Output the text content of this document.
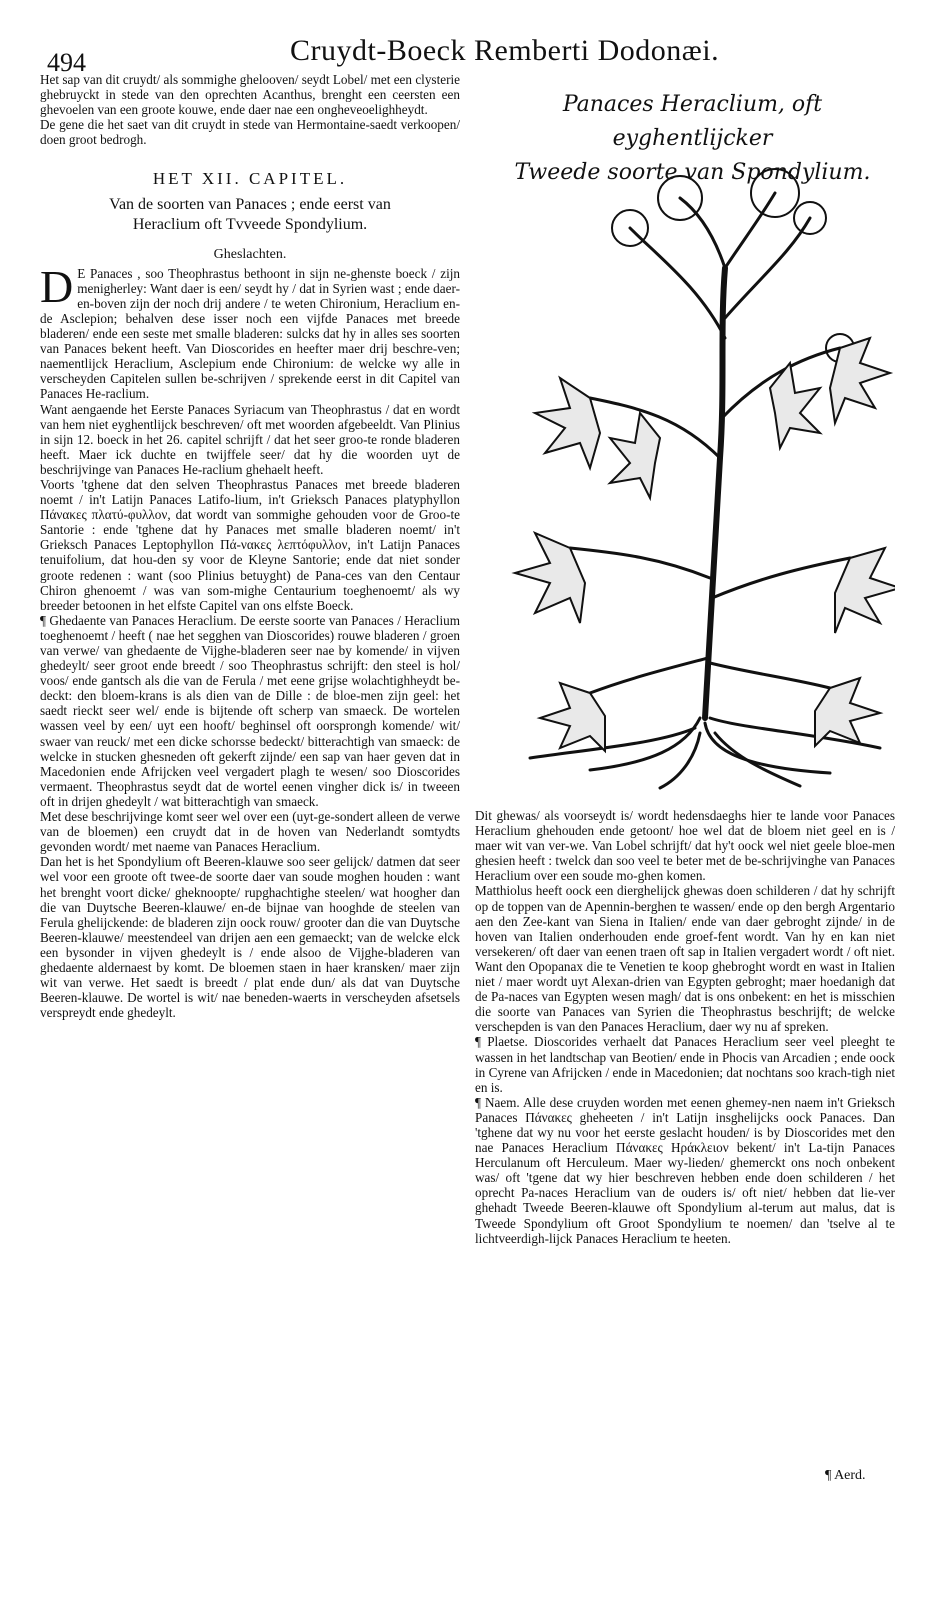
494	Cruydt-Boeck Remberti Dodonæi.

Het sap van dit cruydt/ als sommighe ghelooven/ seydt Lobel/ met een clysterie ghebruyckt in stede van den oprechten Acanthus, brenght een ceersten een ghevoelen van een groote kouwe, ende daer nae een ongheveoelighheydt.

De gene die het saet van dit cruydt in stede van Hermontaine-saedt verkoopen/ doen groot bedrogh.

HET XII. CAPITEL.
Van de soorten van Panaces ; ende eerst van
Heraclium oft Tvveede Spondylium.
Gheslachten.

D E Panaces , soo Theophrastus bethoont in sijn ne-ghenste boeck / zijn menigherley: Want daer is een/ seydt hy / dat in Syrien wast ; ende daer-en-boven zijn der noch drij andere / te weten Chironium, Heraclium en-de Asclepion; behalven dese isser noch een vijfde Panaces met breede bladeren/ ende een seste met smalle bladeren: sulcks dat hy in alles ses soorten van Panaces bekent heeft. Van Dioscorides en heefter maer drij beschre-ven; naementlijck Heraclium, Asclepium ende Chironium: de welcke wy alle in verscheyden Capitelen sullen be-schrijven / sprekende eerst in dit Capitel van Panaces He-raclium.

Want aengaende het Eerste Panaces Syriacum van Theophrastus / dat en wordt van hem niet eyghentlijck beschreven/ oft met woorden afgebeeldt. Van Plinius in sijn 12. boeck in het 26. capitel schrijft / dat het seer groo-te ronde bladeren heeft. Maer ick duchte en twijffele seer/ dat hy die woorden uyt de beschrijvinge van Panaces He-raclium ghehaelt heeft.

Voorts 'tghene dat den selven Theophrastus Panaces met breede bladeren noemt / in't Latijn Panaces Latifo-lium, in't Grieksch Panaces platyphyllon Πάνακες πλατύ-φυλλον, dat wordt van sommighe gehouden voor de Groo-te Santorie : ende 'tghene dat hy Panaces met smalle bladeren noemt/ in't Grieksch Panaces Leptophyllon Πά-νακες λεπτόφυλλον, in't Latijn Panaces tenuifolium, dat hou-den sy voor de Kleyne Santorie; ende dat niet sonder groote redenen : want (soo Plinius betuyght) de Pana-ces van den Centaur Chiron ghenoemt / was van som-mighe Centaurium toeghenoemt/ als wy breeder betoonen in het elfste Capitel van ons elfste Boeck.

¶ Ghedaente van Panaces Heraclium. De eerste soorte van Panaces / Heraclium toeghenoemt / heeft ( nae het segghen van Dioscorides) rouwe bladeren / groen van verwe/ van ghedaente de Vijghe-bladeren seer nae by komende/ in vijven ghedeylt/ seer groot ende breedt / soo Theophrastus schrijft: den steel is hol/ voos/ ende gantsch als die van de Ferula / met eene grijse wolachtighheydt be-deckt: den bloem-krans is als dien van de Dille : de bloe-men zijn geel: het saedt rieckt seer wel/ ende is bijtende oft scherp van smaeck. De wortelen wassen veel by een/ uyt een hooft/ beghinsel oft oorsprongh komende/ wit/ swaer van reuck/ met een dicke schorsse bedeckt/ bitterachtigh van smaeck: de welcke in stucken ghesneden oft gekerft zijnde/ een sap van haer geven dat in Macedonien ende Afrijcken veel vergadert plagh te wesen/ soo Dioscorides vermaent. Theophrastus seydt dat de wortel eenen vingher dick is/ in tweeen oft in drijen ghedeylt / wat bitterachtigh van smaeck.

Met dese beschrijvinge komt seer wel over een (uyt-ge-sondert alleen de verwe van de bloemen) een cruydt dat in de hoven van Nederlandt somtydts gevonden wordt/ met naeme van Panaces Heraclium.

Dan het is het Spondylium oft Beeren-klauwe soo seer gelijck/ datmen dat seer wel voor een groote oft twee-de soorte daer van soude moghen houden : want het brenght voort dicke/ gheknoopte/ rupghachtighe steelen/ wat hoogher dan die van Duytsche Beeren-klauwe/ en-de bijnae van hooghde de steelen van Ferula ghelijckende: de bladeren zijn oock rouw/ grooter dan die van Duytsche Beeren-klauwe/ meestendeel van drijen aen een gemaeckt; van de welcke elck een bysonder in vijven ghedeylt is / ende alsoo de Vijghe-bladeren van ghedaente aldernaest by komt. De bloemen staen in haer kransken/ maer zijn wit van verwe. Het saedt is breedt / plat ende dun/ als dat van Duytsche Beeren-klauwe. De wortel is wit/ nae beneden-waerts in verscheyden afsetsels verspreydt ende ghedeylt.

Panaces Heraclium, oft eyghentlijcker
Tweede soorte van Spondylium.

Dit ghewas/ als voorseydt is/ wordt hedensdaeghs hier te lande voor Panaces Heraclium ghehouden ende getoont/ hoe wel dat de bloem niet geel en is / maer wit van ver-we. Van Lobel schrijft/ dat hy't oock wel niet geele bloe-men ghesien heeft : twelck dan soo veel te beter met de be-schrijvinghe van Panaces Heraclium over een soude mo-ghen komen.

Matthiolus heeft oock een dierghelijck ghewas doen schilderen / dat hy schrijft op de toppen van de Apennin-berghen te wassen/ ende op den bergh Argentario aen den Zee-kant van Siena in Italien/ ende van daer gebroght zijnde/ in de hoven van Italien onderhouden ende groef-fent wordt. Van hy en kan niet versekeren/ oft daer van eenen traen oft sap in Italien vergadert wordt / oft niet. Want den Opopanax die te Venetien te koop ghebroght wordt en wast in Italien niet / maer wordt uyt Alexan-drien van Egypten gebroght; maer hoedanigh dat de Pa-naces van Egypten wesen magh/ dat is ons onbekent: en het is misschien die soorte van Panaces van Syrien die Theophrastus beschrijft; de welcke verschepden is van den Panaces Heraclium, daer wy nu af spreken.

¶ Plaetse. Dioscorides verhaelt dat Panaces Heraclium seer veel pleeght te wassen in het landtschap van Beotien/ ende in Phocis van Arcadien ; ende oock in Cyrene van Afrijcken / ende in Macedonien; dat nochtans soo krach-tigh niet en is.

¶ Naem. Alle dese cruyden worden met eenen ghemey-nen naem in't Grieksch Panaces Πάνακες gheheeten / in't Latijn insghelijcks oock Panaces. Dan 'tghene dat wy nu voor het eerste geslacht houden/ is by Dioscorides met den nae Panaces Heraclium Πάνακες Ηράκλειον bekent/ in't La-tijn Panaces Herculanum oft Herculeum. Maer wy-lieden/ ghemerckt ons noch onbekent was/ oft 'tgene dat wy hier beschreven hebben ende doen schilderen / het oprecht Pa-naces Heraclium van de ouders is/ oft niet/ hebben dat lie-ver ghehadt Tweede Beeren-klauwe oft Spondylium al-terum aut malus, dat is Tweede Spondylium oft Groot Spondylium te noemen/ dan 'tselve al te lichtveerdigh-lijck Panaces Heraclium te heeten.

¶ Aerd.
